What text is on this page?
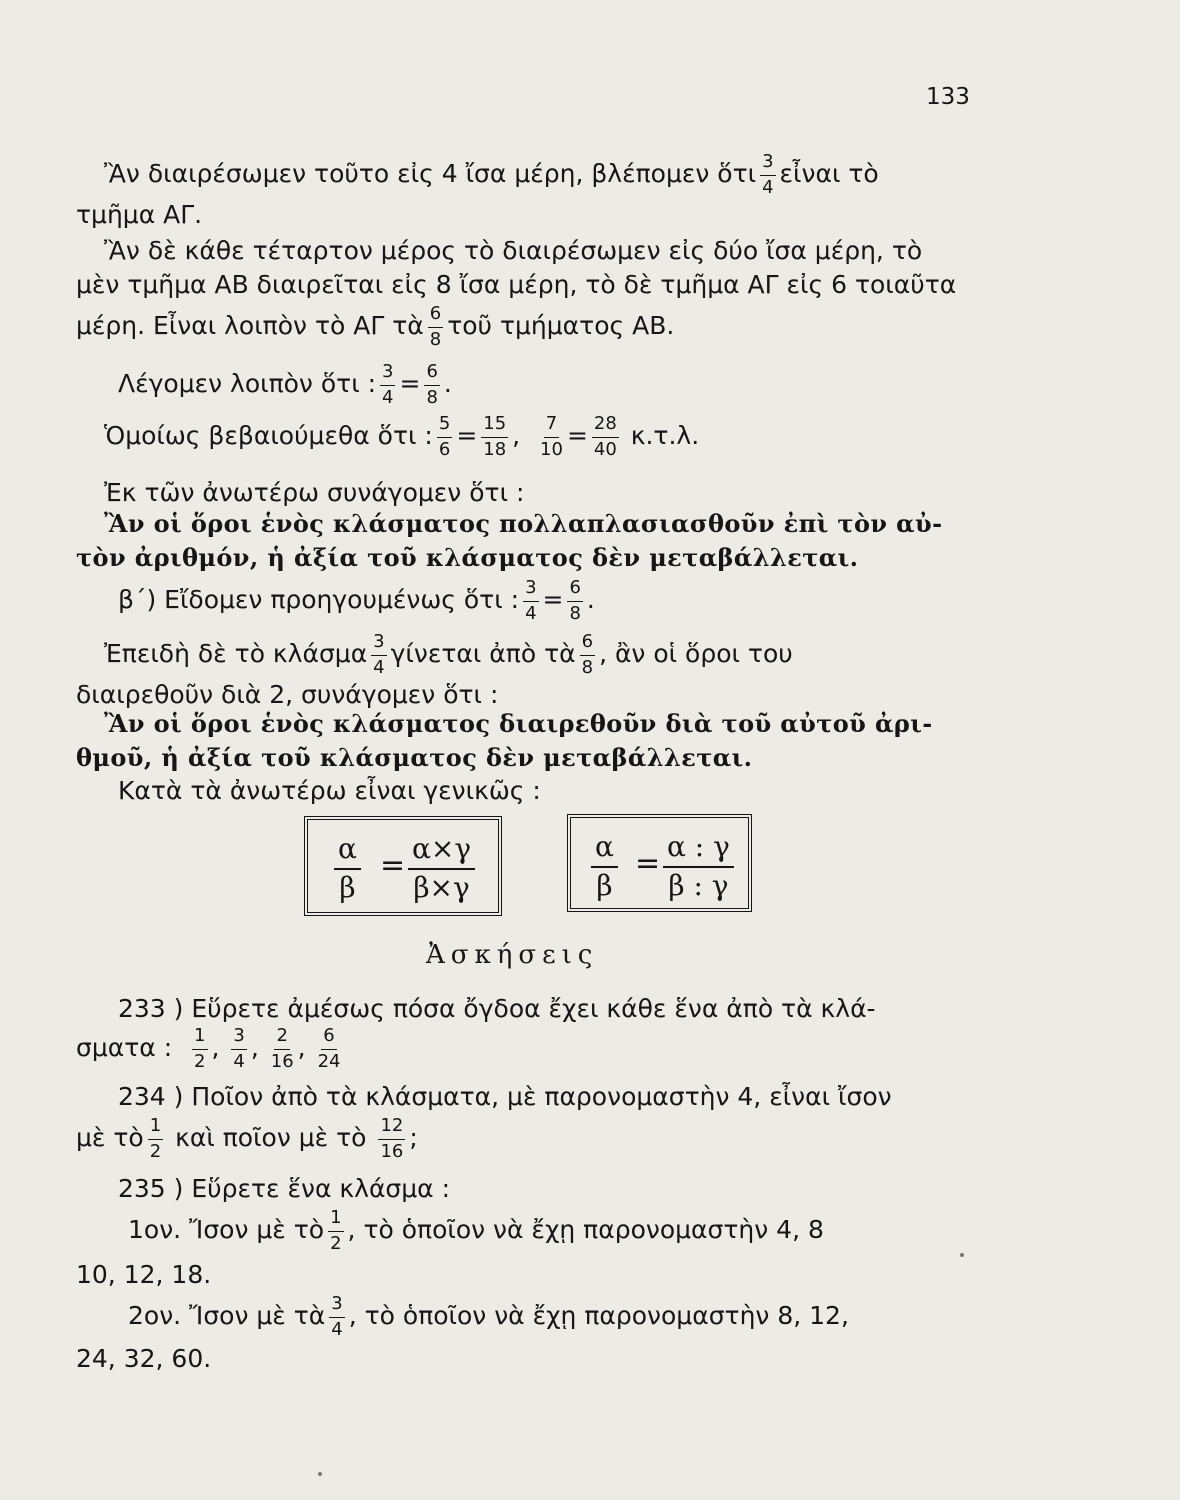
133
Ἂν διαιρέσωμεν τοῦτο εἰς 4 ἴσα μέρη, βλέπομεν ὅτι $\frac{3}{4}$ εἶναι τὸ
τμῆμα ΑΓ.
Ἂν δὲ κάθε τέταρτον μέρος τὸ διαιρέσωμεν εἰς δύο ἴσα μέρη, τὸ
μὲν τμῆμα ΑΒ διαιρεῖται εἰς 8 ἴσα μέρη, τὸ δὲ τμῆμα ΑΓ εἰς 6 τοιαῦτα
μέρη. Εἶναι λοιπὸν τὸ ΑΓ τὰ $\frac{6}{8}$ τοῦ τμήματος ΑΒ.
Λέγομεν λοιπὸν ὅτι : $\frac{3}{4} = \frac{6}{8}$ .
Ὁμοίως βεβαιούμεθα ὅτι : $\frac{5}{6} = \frac{15}{18}$ , $\frac{7}{10} = \frac{28}{40} \kappa.\tau.\lambda$.
Ἐκ τῶν ἀνωτέρω συνάγομεν ὅτι :
Ἂν οἱ ὅροι ἑνὸς κλάσματος πολλαπλασιασθοῦν ἐπὶ τὸν αὐ-
τὸν ἀριθμόν, ἡ ἀξία τοῦ κλάσματος δὲν μεταβάλλεται.
β΄) Εἴδομεν προηγουμένως ὅτι : $\frac{3}{4} = \frac{6}{8}$ .
Ἐπειδὴ δὲ τὸ κλάσμα $\frac{3}{4}$ γίνεται ἀπὸ τὰ $\frac{6}{8}$ , ἂν οἱ ὅροι του
διαιρεθοῦν διὰ 2, συνάγομεν ὅτι :
Ἂν οἱ ὅροι ἑνὸς κλάσματος διαιρεθοῦν διὰ τοῦ αὐτοῦ ἀρι-
θμοῦ, ἡ ἀξία τοῦ κλάσματος δὲν μεταβάλλεται.
Κατὰ τὰ ἀνωτέρω εἶναι γενικῶς :
α
β
= α×γ
β×γ
α
β
= α : γ
β : γ
Ἀσκήσεις
233 ) Εὕρετε ἀμέσως πόσα ὄγδοα ἔχει κάθε ἕνα ἀπὸ τὰ κλά-
σματα : $\frac{1}{2}$ , $\frac{3}{4}$ , $\frac{2}{16}$ , $\frac{6}{24}$
234 ) Ποῖον ἀπὸ τὰ κλάσματα, μὲ παρονομαστὴν 4, εἶναι ἴσον
μὲ τὸ $\frac{1}{2}$ καὶ ποῖον μὲ τὸ $\frac{12}{16}$ ;
235 ) Εὕρετε ἕνα κλάσμα :
1ον. Ἴσον μὲ τὸ $\frac{1}{2}$ , τὸ ὁποῖον νὰ ἔχῃ παρονομαστὴν 4, 8
10, 12, 18.
2ον. Ἴσον μὲ τὰ $\frac{3}{4}$ , τὸ ὁποῖον νὰ ἔχῃ παρονομαστὴν 8, 12,
24, 32, 60.
